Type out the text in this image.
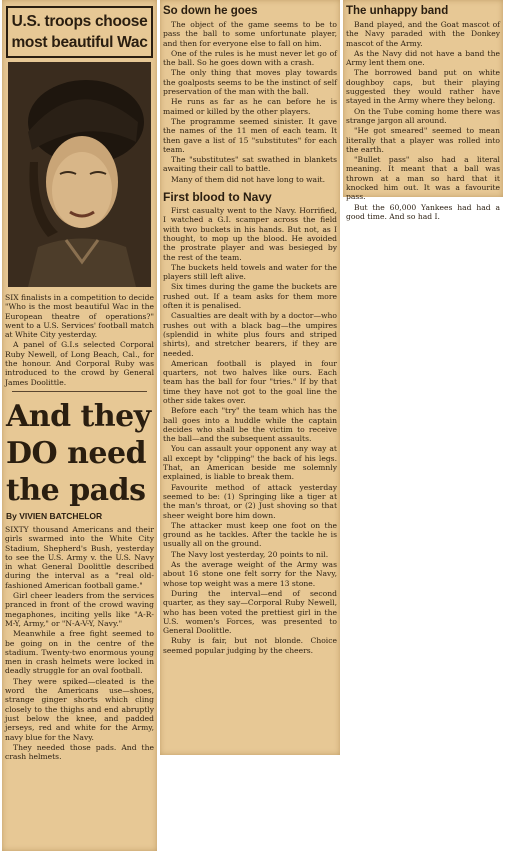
U.S. troops choose most beautiful Wac

SIX finalists in a competition to decide "Who is the most beautiful Wac in the European theatre of operations?" went to a U.S. Services' football match at White City yesterday.

A panel of G.I.s selected Corporal Ruby Newell, of Long Beach, Cal., for the honour. And Corporal Ruby was introduced to the crowd by General James Doolittle.

And they DO need the pads
By VIVIEN BATCHELOR

SIXTY thousand Americans and their girls swarmed into the White City Stadium, Shepherd's Bush, yesterday to see the U.S. Army v. the U.S. Navy in what General Doolittle described during the interval as a "real old-fashioned American football game."

Girl cheer leaders from the services pranced in front of the crowd waving megaphones, inciting yells like "A-R-M-Y, Army," or "N-A-V-Y, Navy."

Meanwhile a free fight seemed to be going on in the centre of the stadium. Twenty-two enormous young men in crash helmets were locked in deadly struggle for an oval football.

They were spiked—cleated is the word the Americans use—shoes, strange ginger shorts which cling closely to the thighs and end abruptly just below the knee, and padded jerseys, red and white for the Army, navy blue for the Navy.

They needed those pads. And the crash helmets.

So down he goes

The object of the game seems to be to pass the ball to some unfortunate player, and then for everyone else to fall on him.

One of the rules is he must never let go of the ball. So he goes down with a crash.

The only thing that moves play towards the goalposts seems to be the instinct of self preservation of the man with the ball.

He runs as far as he can before he is maimed or killed by the other players.

The programme seemed sinister. It gave the names of the 11 men of each team. It then gave a list of 15 "substitutes" for each team.

The "substitutes" sat swathed in blankets awaiting their call to battle.

Many of them did not have long to wait.

First blood to Navy

First casualty went to the Navy. Horrified, I watched a G.I. scamper across the field with two buckets in his hands. But not, as I thought, to mop up the blood. He avoided the prostrate player and was besieged by the rest of the team.

The buckets held towels and water for the players still left alive.

Six times during the game the buckets are rushed out. If a team asks for them more often it is penalised.

Casualties are dealt with by a doctor—who rushes out with a black bag—the umpires (splendid in white plus fours and striped shirts), and stretcher bearers, if they are needed.

American football is played in four quarters, not two halves like ours. Each team has the ball for four "tries." If by that time they have not got to the goal line the other side takes over.

Before each "try" the team which has the ball goes into a huddle while the captain decides who shall be the victim to receive the ball—and the subsequent assaults.

You can assault your opponent any way at all except by "clipping" the back of his legs. That, an American beside me solemnly explained, is liable to break them.

Favourite method of attack yesterday seemed to be: (1) Springing like a tiger at the man's throat, or (2) Just shoving so that sheer weight bore him down.

The attacker must keep one foot on the ground as he tackles. After the tackle he is usually all on the ground.

The Navy lost yesterday, 20 points to nil.

As the average weight of the Army was about 16 stone one felt sorry for the Navy, whose top weight was a mere 13 stone.

During the interval—end of second quarter, as they say—Corporal Ruby Newell, who has been voted the prettiest girl in the U.S. women's Forces, was presented to General Doolittle.

Ruby is fair, but not blonde. Choice seemed popular judging by the cheers.

The unhappy band

Band played, and the Goat mascot of the Navy paraded with the Donkey mascot of the Army.

As the Navy did not have a band the Army lent them one.

The borrowed band put on white doughboy caps, but their playing suggested they would rather have stayed in the Army where they belong.

On the Tube coming home there was strange jargon all around.

"He got smeared" seemed to mean literally that a player was rolled into the earth.

"Bullet pass" also had a literal meaning. It meant that a ball was thrown at a man so hard that it knocked him out. It was a favourite pass.

But the 60,000 Yankees had had a good time. And so had I.
